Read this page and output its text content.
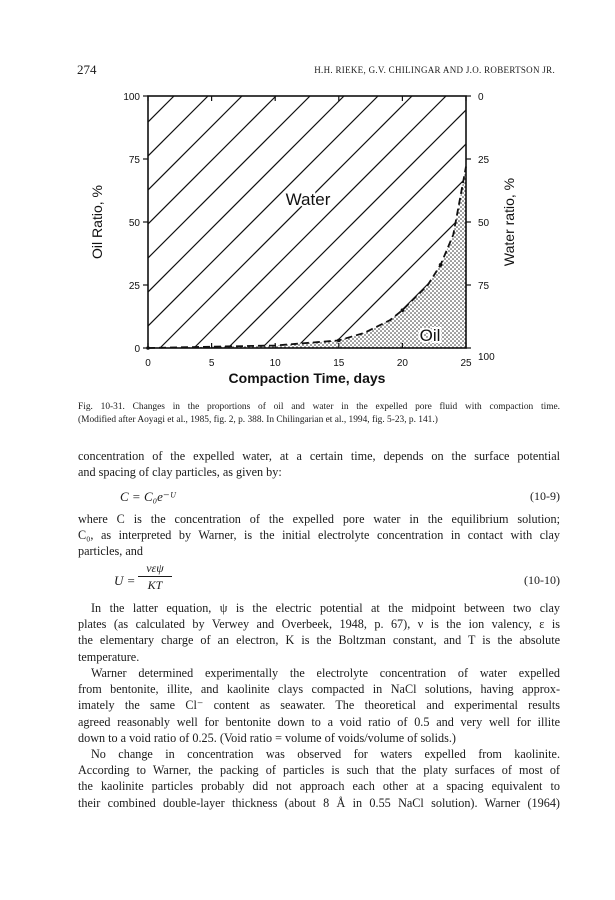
274	H.H. RIEKE, G.V. CHILINGAR AND J.O. ROBERTSON JR.
0	5	10	15	20	25
0
25
50
75
100	0
25
50
75
100
Water
Oil
Compaction Time, days
Oil Ratio, %	Water ratio, %
Fig. 10-31. Changes in the proportions of oil and water in the expelled pore fluid with compaction time.
(Modified after Aoyagi et al., 1985, fig. 2, p. 388. In Chilingarian et al., 1994, fig. 5-23, p. 141.)
concentration of the expelled water, at a certain time, depends on the surface potential
and spacing of clay particles, as given by:
C = C₀e⁻ᵁ	(10-9)
where C is the concentration of the expelled pore water in the equilibrium solution;
C₀, as interpreted by Warner, is the initial electrolyte concentration in contact with clay
particles, and
U =
νεψ
KT	(10-10)
In the latter equation, ψ is the electric potential at the midpoint between two clay
plates (as calculated by Verwey and Overbeek, 1948, p. 67), ν is the ion valency, ε is
the elementary charge of an electron, K is the Boltzman constant, and T is the absolute
temperature.
Warner determined experimentally the electrolyte concentration of water expelled
from bentonite, illite, and kaolinite clays compacted in NaCl solutions, having approx-
imately the same Cl⁻ content as seawater. The theoretical and experimental results
agreed reasonably well for bentonite down to a void ratio of 0.5 and very well for illite
down to a void ratio of 0.25. (Void ratio = volume of voids/volume of solids.)
No change in concentration was observed for waters expelled from kaolinite.
According to Warner, the packing of particles is such that the platy surfaces of most of
the kaolinite particles probably did not approach each other at a spacing equivalent to
their combined double-layer thickness (about 8 Å in 0.55 NaCl solution). Warner (1964)
